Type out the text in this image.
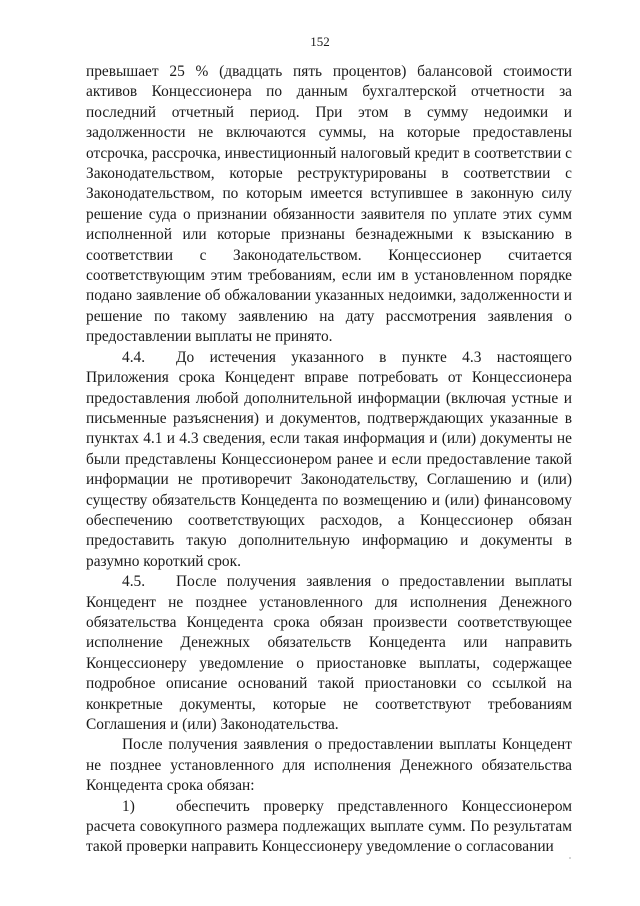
152

превышает 25 % (двадцать пять процентов) балансовой стоимости активов Концессионера по данным бухгалтерской отчетности за последний отчетный период. При этом в сумму недоимки и задолженности не включаются суммы, на которые предоставлены отсрочка, рассрочка, инвестиционный налоговый кредит в соответствии с Законодательством, которые реструктурированы в соответствии с Законодательством, по которым имеется вступившее в законную силу решение суда о признании обязанности заявителя по уплате этих сумм исполненной или которые признаны безнадежными к взысканию в соответствии с Законодательством. Концессионер считается соответствующим этим требованиям, если им в установленном порядке подано заявление об обжаловании указанных недоимки, задолженности и решение по такому заявлению на дату рассмотрения заявления о предоставлении выплаты не принято.

4.4. До истечения указанного в пункте 4.3 настоящего Приложения срока Концедент вправе потребовать от Концессионера предоставления любой дополнительной информации (включая устные и письменные разъяснения) и документов, подтверждающих указанные в пунктах 4.1 и 4.3 сведения, если такая информация и (или) документы не были представлены Концессионером ранее и если предоставление такой информации не противоречит Законодательству, Соглашению и (или) существу обязательств Концедента по возмещению и (или) финансовому обеспечению соответствующих расходов, а Концессионер обязан предоставить такую дополнительную информацию и документы в разумно короткий срок.

4.5. После получения заявления о предоставлении выплаты Концедент не позднее установленного для исполнения Денежного обязательства Концедента срока обязан произвести соответствующее исполнение Денежных обязательств Концедента или направить Концессионеру уведомление о приостановке выплаты, содержащее подробное описание оснований такой приостановки со ссылкой на конкретные документы, которые не соответствуют требованиям Соглашения и (или) Законодательства.

После получения заявления о предоставлении выплаты Концедент не позднее установленного для исполнения Денежного обязательства Концедента срока обязан:

1)	обеспечить проверку представленного Концессионером расчета совокупного размера подлежащих выплате сумм. По результатам такой проверки направить Концессионеру уведомление о согласовании
